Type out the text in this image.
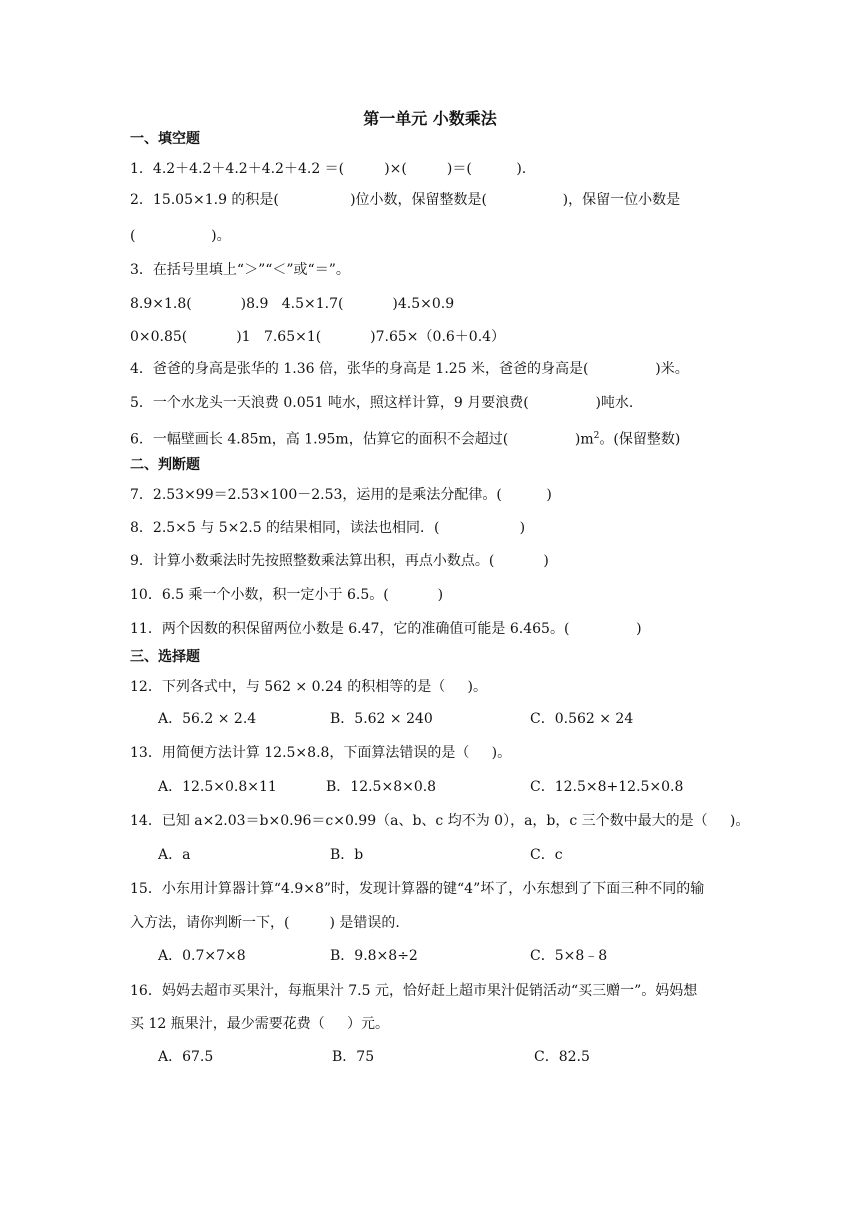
第一单元 小数乘法
一、填空题
1．4.2＋4.2＋4.2＋4.2＋4.2 ＝(         )×(         )＝(          ).
2．15.05×1.9 的积是(                )位小数，保留整数是(                 )，保留一位小数是
(                 )。
3．在括号里填上“＞”“＜”或“＝”。
8.9×1.8(           )8.9   4.5×1.7(           )4.5×0.9
0×0.85(           )1   7.65×1(           )7.65×（0.6＋0.4）
4．爸爸的身高是张华的 1.36 倍，张华的身高是 1.25 米，爸爸的身高是(               )米。
5．一个水龙头一天浪费 0.051 吨水，照这样计算，9 月要浪费(               )吨水.
6．一幅壁画长 4.85m，高 1.95m，估算它的面积不会超过(               )$m^2$。(保留整数)
二、判断题
7．2.53×99＝2.53×100－2.53，运用的是乘法分配律。(          )
8．2.5×5 与 5×2.5 的结果相同，读法也相同．(                  )
9．计算小数乘法时先按照整数乘法算出积，再点小数点。(           )
10．6.5 乘一个小数，积一定小于 6.5。(           )
11．两个因数的积保留两位小数是 6.47，它的准确值可能是 6.465。(               )
三、选择题
12．下列各式中，与 562 × 0.24 的积相等的是（     )。
A．56.2 × 2.4	B．5.62 × 240	C．0.562 × 24
13．用简便方法计算 12.5×8.8，下面算法错误的是（     )。
A．12.5×0.8×11	B．12.5×8×0.8	C．12.5×8+12.5×0.8
14．已知 a×2.03＝b×0.96＝c×0.99（a、b、c 均不为 0），a，b，c 三个数中最大的是（     )。
A．a	B．b	C．c
15．小东用计算器计算“4.9×8”时，发现计算器的键“4”坏了，小东想到了下面三种不同的输
入方法，请你判断一下，(         ) 是错误的.
A．0.7×7×8	B．9.8×8÷2	C．5×8﹣8
16．妈妈去超市买果汁，每瓶果汁 7.5 元，恰好赶上超市果汁促销活动“买三赠一”。妈妈想
买 12 瓶果汁，最少需要花费（     ）元。
A．67.5	B．75	C．82.5
